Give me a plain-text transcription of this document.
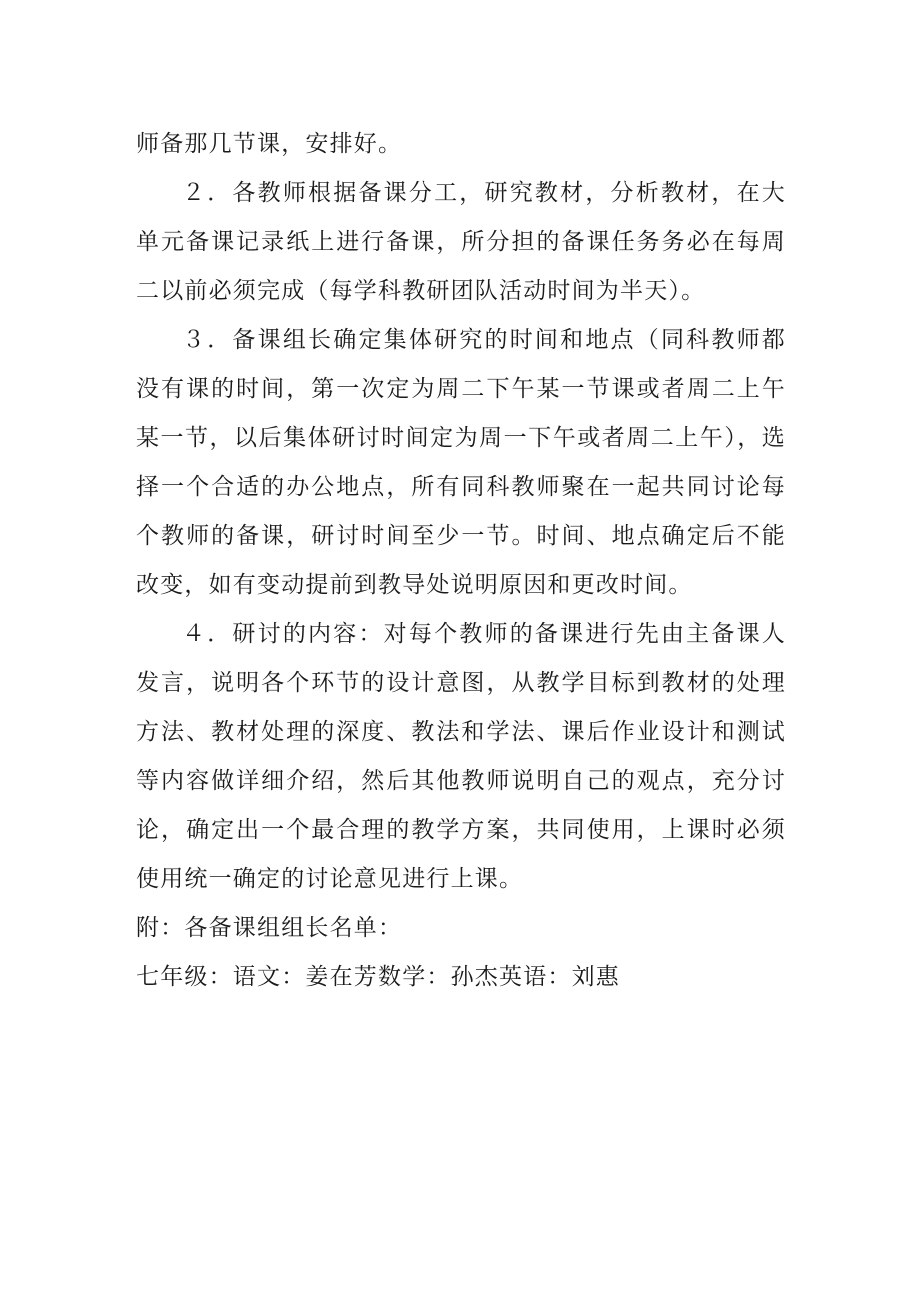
师备那几节课，安排好。

２．各教师根据备课分工，研究教材，分析教材，在大单元备课记录纸上进行备课，所分担的备课任务务必在每周二以前必须完成（每学科教研团队活动时间为半天）。

３．备课组长确定集体研究的时间和地点（同科教师都没有课的时间，第一次定为周二下午某一节课或者周二上午某一节，以后集体研讨时间定为周一下午或者周二上午），选择一个合适的办公地点，所有同科教师聚在一起共同讨论每个教师的备课，研讨时间至少一节。时间、地点确定后不能改变，如有变动提前到教导处说明原因和更改时间。

４．研讨的内容：对每个教师的备课进行先由主备课人发言，说明各个环节的设计意图，从教学目标到教材的处理方法、教材处理的深度、教法和学法、课后作业设计和测试等内容做详细介绍，然后其他教师说明自己的观点，充分讨论，确定出一个最合理的教学方案，共同使用，上课时必须使用统一确定的讨论意见进行上课。

附：各备课组组长名单：

七年级：语文：姜在芳数学：孙杰英语：刘惠
